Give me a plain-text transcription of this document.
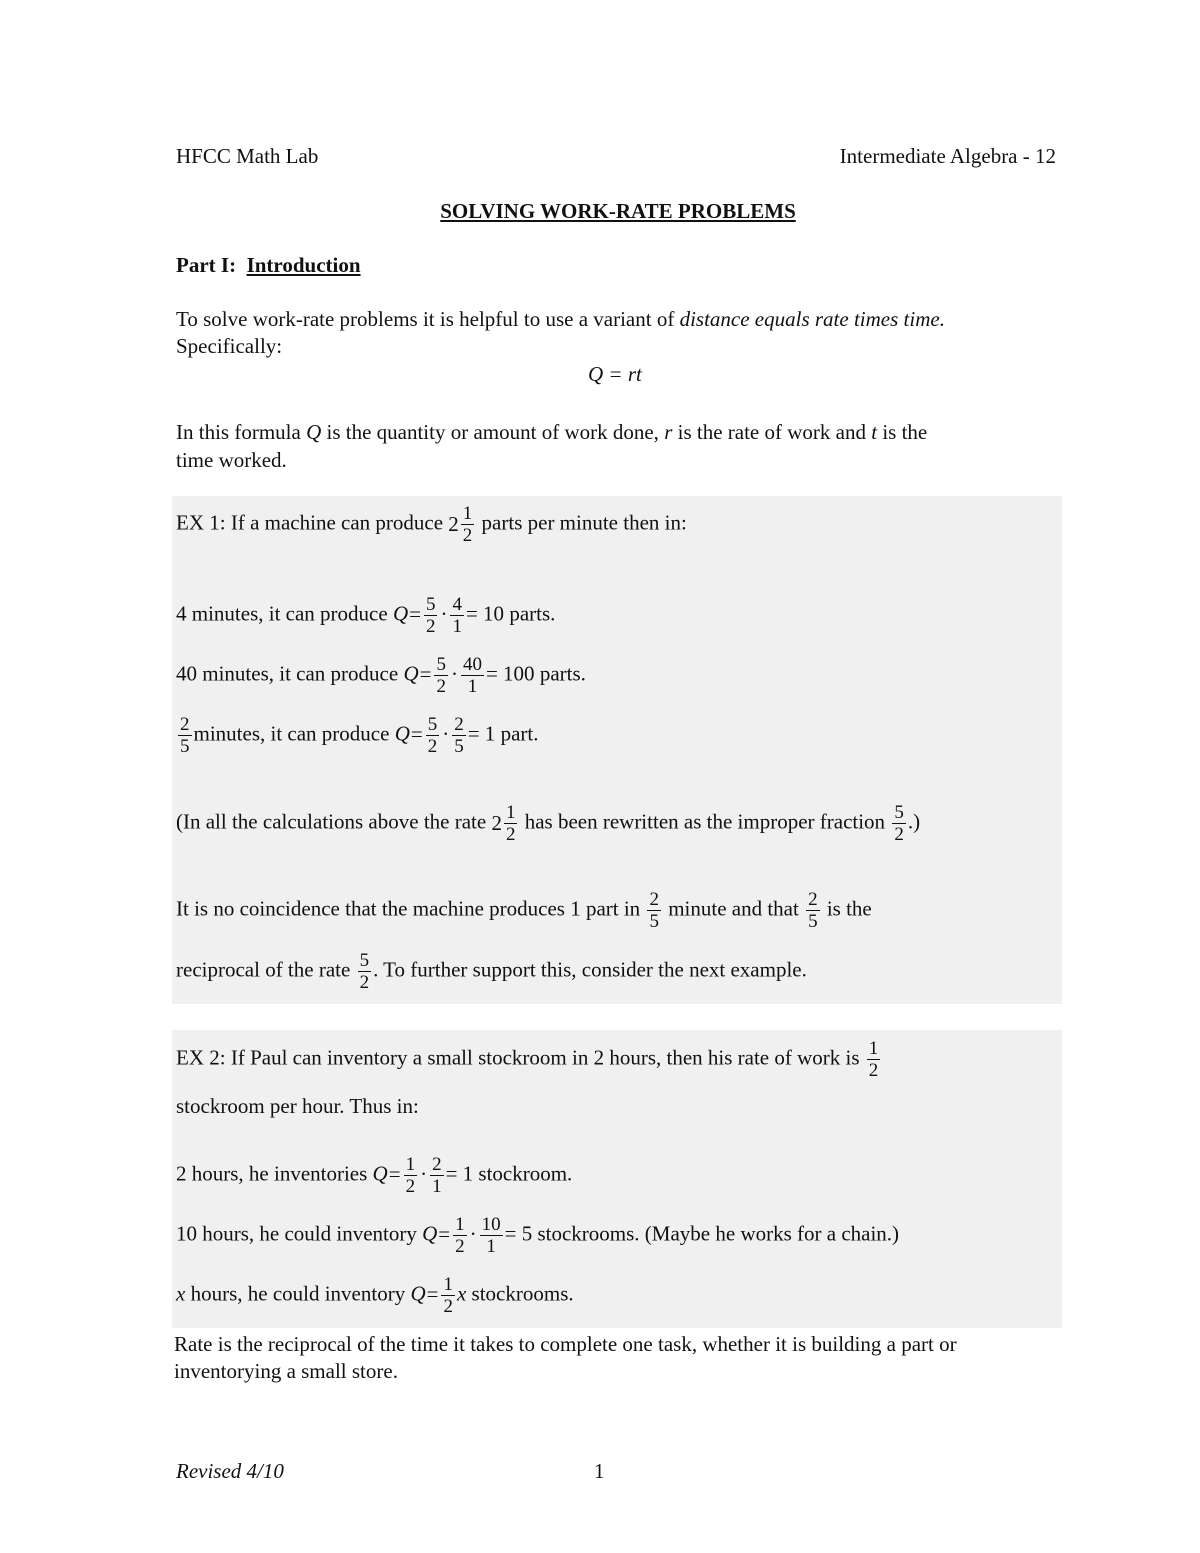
HFCC Math Lab	Intermediate Algebra - 12
SOLVING WORK-RATE PROBLEMS
Part I: Introduction
To solve work-rate problems it is helpful to use a variant of distance equals rate times time.
Specifically:
Q = rt
In this formula Q is the quantity or amount of work done, r is the rate of work and t is the
time worked.
EX 1: If a machine can produce $2 \frac{1}{2}$ parts per minute then in:
4 minutes, it can produce $Q= \frac{5}{2} \cdot \frac{4}{1} = 10$ parts.
40 minutes, it can produce $Q= \frac{5}{2} \cdot \frac{40}{1} = 100$ parts.
$\frac{2}{5}$ minutes, it can produce $Q= \frac{5}{2} \cdot \frac{2}{5} = 1$ part.
(In all the calculations above the rate $2 \frac{1}{2}$ has been rewritten as the improper fraction $\frac{5}{2}$ .)
It is no coincidence that the machine produces 1 part in $\frac{2}{5}$ minute and that $\frac{2}{5}$ is the
reciprocal of the rate $\frac{5}{2}$ . To further support this, consider the next example.
EX 2: If Paul can inventory a small stockroom in 2 hours, then his rate of work is $\frac{1}{2}$
stockroom per hour. Thus in:
2 hours, he inventories $Q= \frac{1}{2} \cdot \frac{2}{1} = 1$ stockroom.
10 hours, he could inventory $Q= \frac{1}{2} \cdot \frac{10}{1} = 5$ stockrooms. (Maybe he works for a chain.)
x hours, he could inventory $Q= \frac{1}{2}$ x stockrooms.
Rate is the reciprocal of the time it takes to complete one task, whether it is building a part or
inventorying a small store.
Revised 4/10	1
